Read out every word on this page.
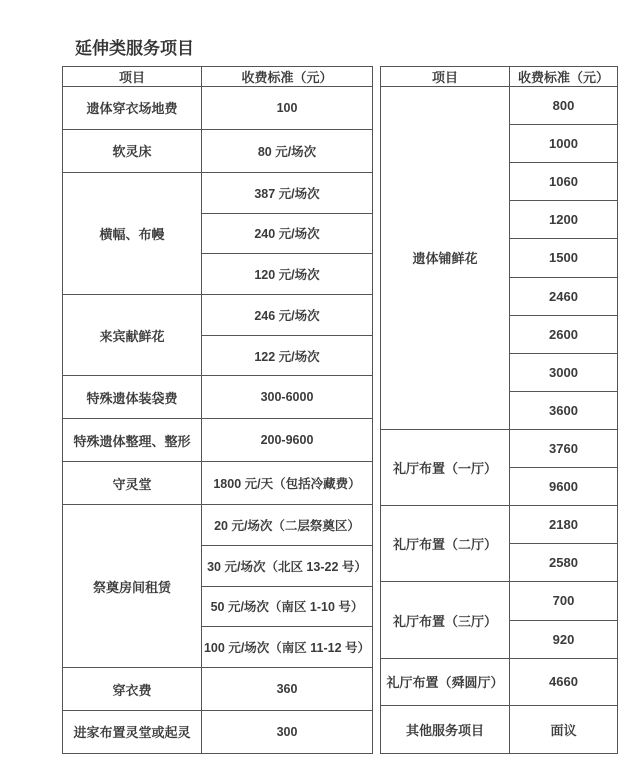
延伸类服务项目
项目	收费标准（元）
遗体穿衣场地费	100
软灵床	80 元/场次
横幅、布幔	387 元/场次
	240 元/场次
	120 元/场次
来宾献鲜花	246 元/场次
	122 元/场次
特殊遗体装袋费	300-6000
特殊遗体整理、整形	200-9600
守灵堂	1800 元/天（包括冷藏费）
祭奠房间租赁	20 元/场次（二层祭奠区）
	30 元/场次（北区 13-22 号）
	50 元/场次（南区 1-10 号）
	100 元/场次（南区 11-12 号）
穿衣费	360
进家布置灵堂或起灵	300
项目	收费标准（元）
遗体铺鲜花	800
	1000
	1060
	1200
	1500
	2460
	2600
	3000
	3600
礼厅布置（一厅）	3760
	9600
礼厅布置（二厅）	2180
	2580
礼厅布置（三厅）	700
	920
礼厅布置（舜圆厅）	4660
其他服务项目	面议
